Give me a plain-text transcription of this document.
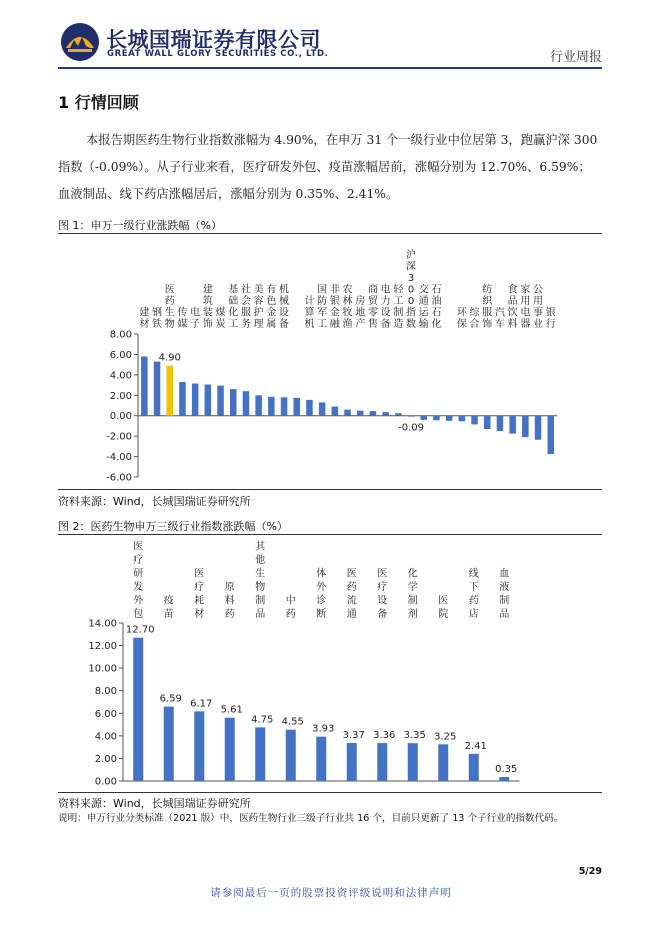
长城国瑞证券有限公司
GREAT WALL GLORY SECURITIES CO., LTD.	行业周报
1 行情回顾
本报告期医药生物行业指数涨幅为 4.90%，在申万 31 个一级行业中位居第 3，跑赢沪深 300
指数（-0.09%）。从子行业来看，医疗研发外包、疫苗涨幅居前，涨幅分别为 12.70%、6.59%；
血液制品、线下药店涨幅居后，涨幅分别为 0.35%、2.41%。
图 1：申万一级行业涨跌幅（%）
8.00
6.00
4.00
2.00
0.00
-2.00
-4.00
-6.00
建
材
钢
铁
医
药
生
物
4.90
传
媒
电
子
建
筑
装
饰
煤
炭
基
础
化
工
社
会
服
务
美
容
护
理
有
色
金
属
机
械
设
备
计
算
机
国
防
军
工
非
银
金
融
农
林
牧
渔
房
地
产
商
贸
零
售
电
力
设
备
轻
工
制
造
沪
深
3
0
0
指
数
-0.09
交
通
运
输
石
油
石
化
环
保
综
合
纺
织
服
饰
汽
车
食
品
饮
料
家
用
电
器
公
用
事
业
银
行
资料来源：Wind，长城国瑞证券研究所
图 2：医药生物申万三级行业指数涨跌幅（%）
14.00
12.00
10.00
8.00
6.00
4.00
2.00
0.00
医
疗
研
发
外
包
12.70
疫
苗
6.59
医
疗
耗
材
6.17
原
料
药
5.61
其
他
生
物
制
品
4.75
中
药
4.55
体
外
诊
断
3.93
医
药
流
通
3.37
医
疗
设
备
3.36
化
学
制
剂
3.35
医
院
3.25
线
下
药
店
2.41
血
液
制
品
0.35
资料来源：Wind，长城国瑞证券研究所
说明：申万行业分类标准（2021 版）中，医药生物行业三级子行业共 16 个，目前只更新了 13 个子行业的指数代码。
5/29
请参阅最后一页的股票投资评级说明和法律声明
